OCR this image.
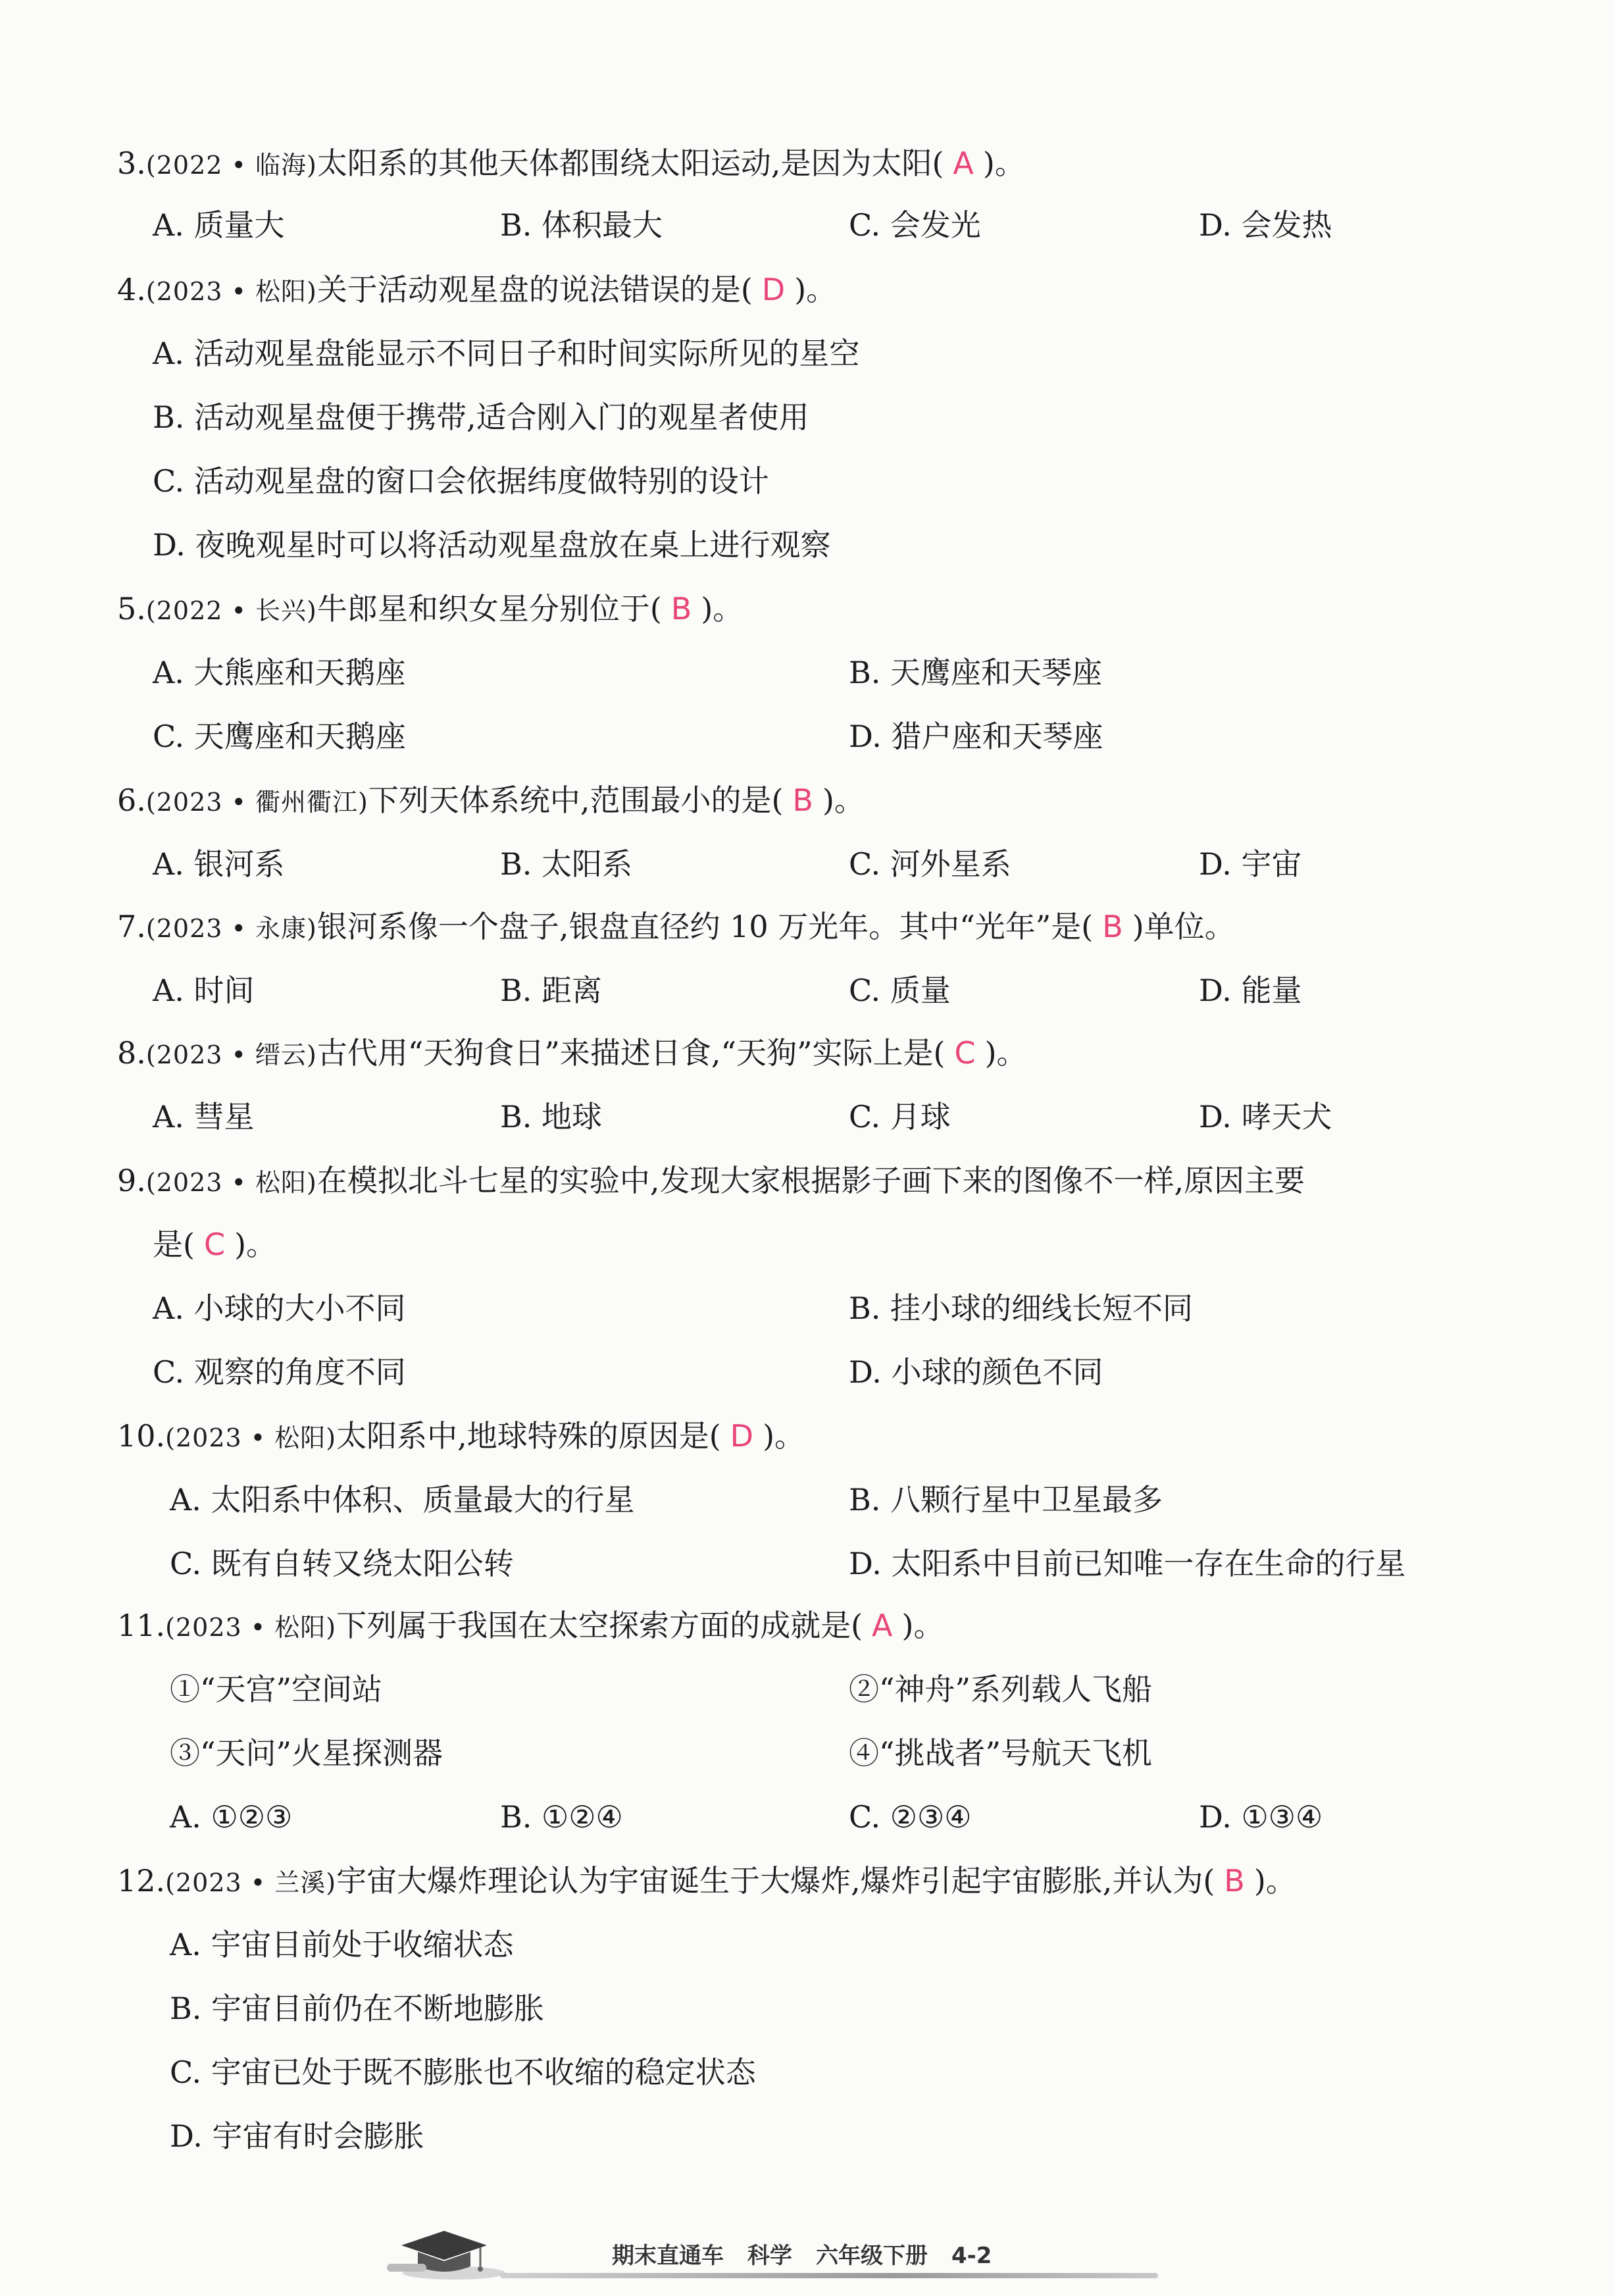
3.(2022 • 临海)太阳系的其他天体都围绕太阳运动,是因为太阳( A )。
A. 质量大	B. 体积最大	C. 会发光	D. 会发热
4.(2023 • 松阳)关于活动观星盘的说法错误的是( D )。
A. 活动观星盘能显示不同日子和时间实际所见的星空
B. 活动观星盘便于携带,适合刚入门的观星者使用
C. 活动观星盘的窗口会依据纬度做特别的设计
D. 夜晚观星时可以将活动观星盘放在桌上进行观察
5.(2022 • 长兴)牛郎星和织女星分别位于( B )。
A. 大熊座和天鹅座	B. 天鹰座和天琴座
C. 天鹰座和天鹅座	D. 猎户座和天琴座
6.(2023 • 衢州衢江)下列天体系统中,范围最小的是( B )。
A. 银河系	B. 太阳系	C. 河外星系	D. 宇宙
7.(2023 • 永康)银河系像一个盘子,银盘直径约 10 万光年。其中“光年”是( B )单位。
A. 时间	B. 距离	C. 质量	D. 能量
8.(2023 • 缙云)古代用“天狗食日”来描述日食,“天狗”实际上是( C )。
A. 彗星	B. 地球	C. 月球	D. 哮天犬
9.(2023 • 松阳)在模拟北斗七星的实验中,发现大家根据影子画下来的图像不一样,原因主要
是( C )。
A. 小球的大小不同	B. 挂小球的细线长短不同
C. 观察的角度不同	D. 小球的颜色不同
10.(2023 • 松阳)太阳系中,地球特殊的原因是( D )。
A. 太阳系中体积、质量最大的行星	B. 八颗行星中卫星最多
C. 既有自转又绕太阳公转	D. 太阳系中目前已知唯一存在生命的行星
11.(2023 • 松阳)下列属于我国在太空探索方面的成就是( A )。
①“天宫”空间站	②“神舟”系列载人飞船
③“天问”火星探测器	④“挑战者”号航天飞机
A. ①②③	B. ①②④	C. ②③④	D. ①③④
12.(2023 • 兰溪)宇宙大爆炸理论认为宇宙诞生于大爆炸,爆炸引起宇宙膨胀,并认为( B )。
A. 宇宙目前处于收缩状态
B. 宇宙目前仍在不断地膨胀
C. 宇宙已处于既不膨胀也不收缩的稳定状态
D. 宇宙有时会膨胀
期末直通车 科学 六年级下册 4-2
